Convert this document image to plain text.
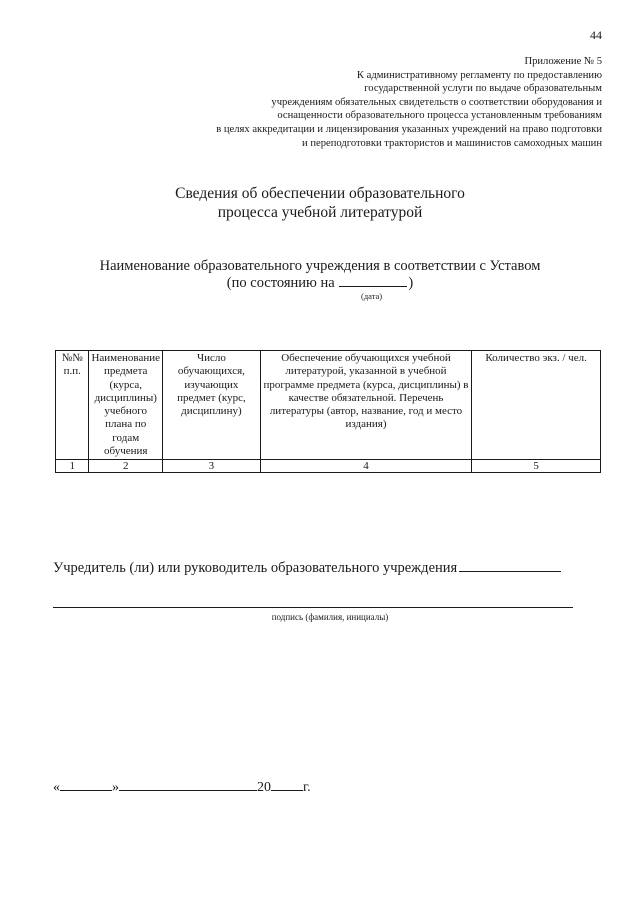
44
Приложение № 5
К административному регламенту по предоставлению
государственной услуги по выдаче образовательным
учреждениям обязательных свидетельств о соответствии оборудования и
оснащенности образовательного процесса установленным требованиям
в целях аккредитации и лицензирования указанных учреждений на право подготовки
и переподготовки трактористов и машинистов самоходных машин
Сведения об обеспечении образовательного
процесса учебной литературой
Наименование образовательного учреждения в соответствии с Уставом
(по состоянию на	)
(дата)
№№ п.п.	Наименование предмета (курса, дисциплины) учебного плана по годам обучения	Число обучающихся, изучающих предмет (курс, дисциплину)	Обеспечение обучающихся учебной литературой, указанной в учебной программе предмета (курса, дисциплины) в качестве обязательной. Перечень литературы (автор, название, год и место издания)	Количество экз. / чел.
1	2	3	4	5
Учредитель (ли) или руководитель образовательного учреждения
подпись (фамилия, инициалы)
«	»	20 г.
